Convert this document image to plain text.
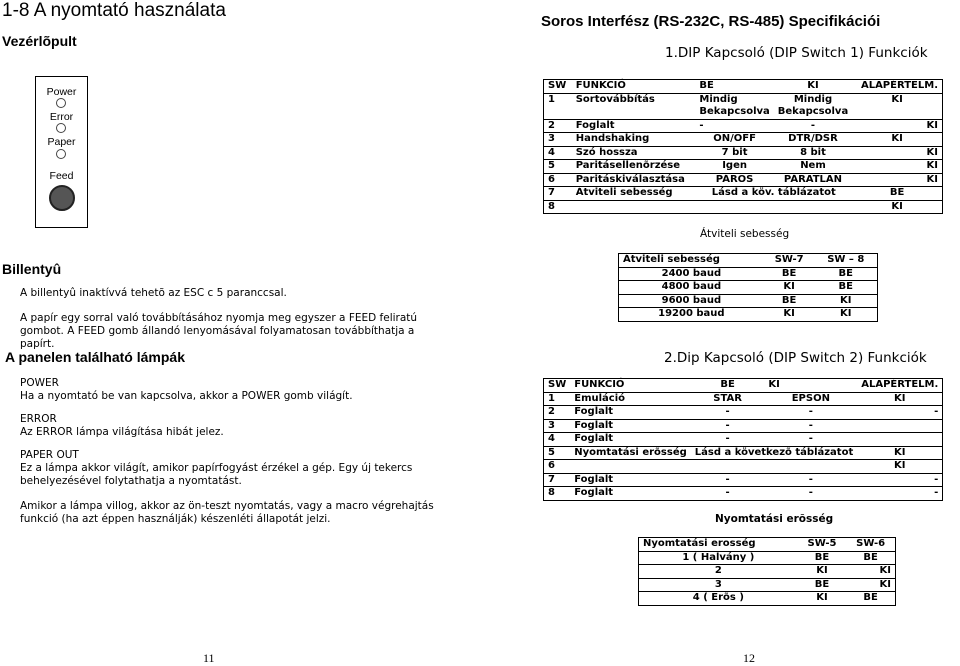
1-8 A nyomtató használata
Vezérlõpult
Power
Error
Paper
Feed
Billentyû
A billentyû inaktívvá tehetõ az ESC c 5 paranccsal.
A papír egy sorral való továbbításához nyomja meg egyszer a FEED feliratú gombot. A FEED gomb állandó lenyomásával folyamatosan továbbíthatja a papírt.
A panelen található lámpák
POWER
Ha a nyomtató be van kapcsolva, akkor a POWER gomb világít.
ERROR
Az ERROR lámpa világítása hibát jelez.
PAPER OUT
Ez a lámpa akkor világít, amikor papírfogyást érzékel a gép. Egy új tekercs behelyezésével folytathatja a nyomtatást.
Amikor a lámpa villog, akkor az ön-teszt nyomtatás, vagy a macro végrehajtás funkció (ha azt éppen használják) készenléti állapotát jelzi.
11
Soros Interfész (RS-232C, RS-485) Specifikációi
1.DIP Kapcsoló (DIP Switch 1) Funkciók
SW	FUNKCIÓ	BE	KI	ALAPÉRTELM.
1	Sortovábbítás	Mindig Bekapcsolva	Mindig Bekapcsolva	KI
2	Foglalt	-	-	KI
3	Handshaking	ON/OFF	DTR/DSR	KI
4	Szó hossza	7 bit	8 bit	KI
5	Paritásellenõrzése	Igen	Nem	KI
6	Paritáskiválasztása	PÁROS	PÁRATLAN	KI
7	Átviteli sebesség	Lásd a köv. táblázatot		BE
8				KI
Átviteli sebesség
Átviteli sebesség	SW-7	SW – 8
2400 baud	BE	BE
4800 baud	KI	BE
9600 baud	BE	KI
19200 baud	KI	KI
2.Dip Kapcsoló (DIP Switch 2) Funkciók
SW	FUNKCIÓ	BE	KI	ALAPÉRTELM.
1	Emuláció	STAR	EPSON	KI
2	Foglalt	-	-	-
3	Foglalt	-	-	
4	Foglalt	-	-	
5	Nyomtatási erõsség	Lásd a következõ táblázatot		KI
6				KI
7	Foglalt	-	-	-
8	Foglalt	-	-	-
Nyomtatási erõsség
Nyomtatási erosség	SW-5	SW-6
1 ( Halvány )	BE	BE
2	KI	KI
3	BE	KI
4 ( Erõs )	KI	BE
12
